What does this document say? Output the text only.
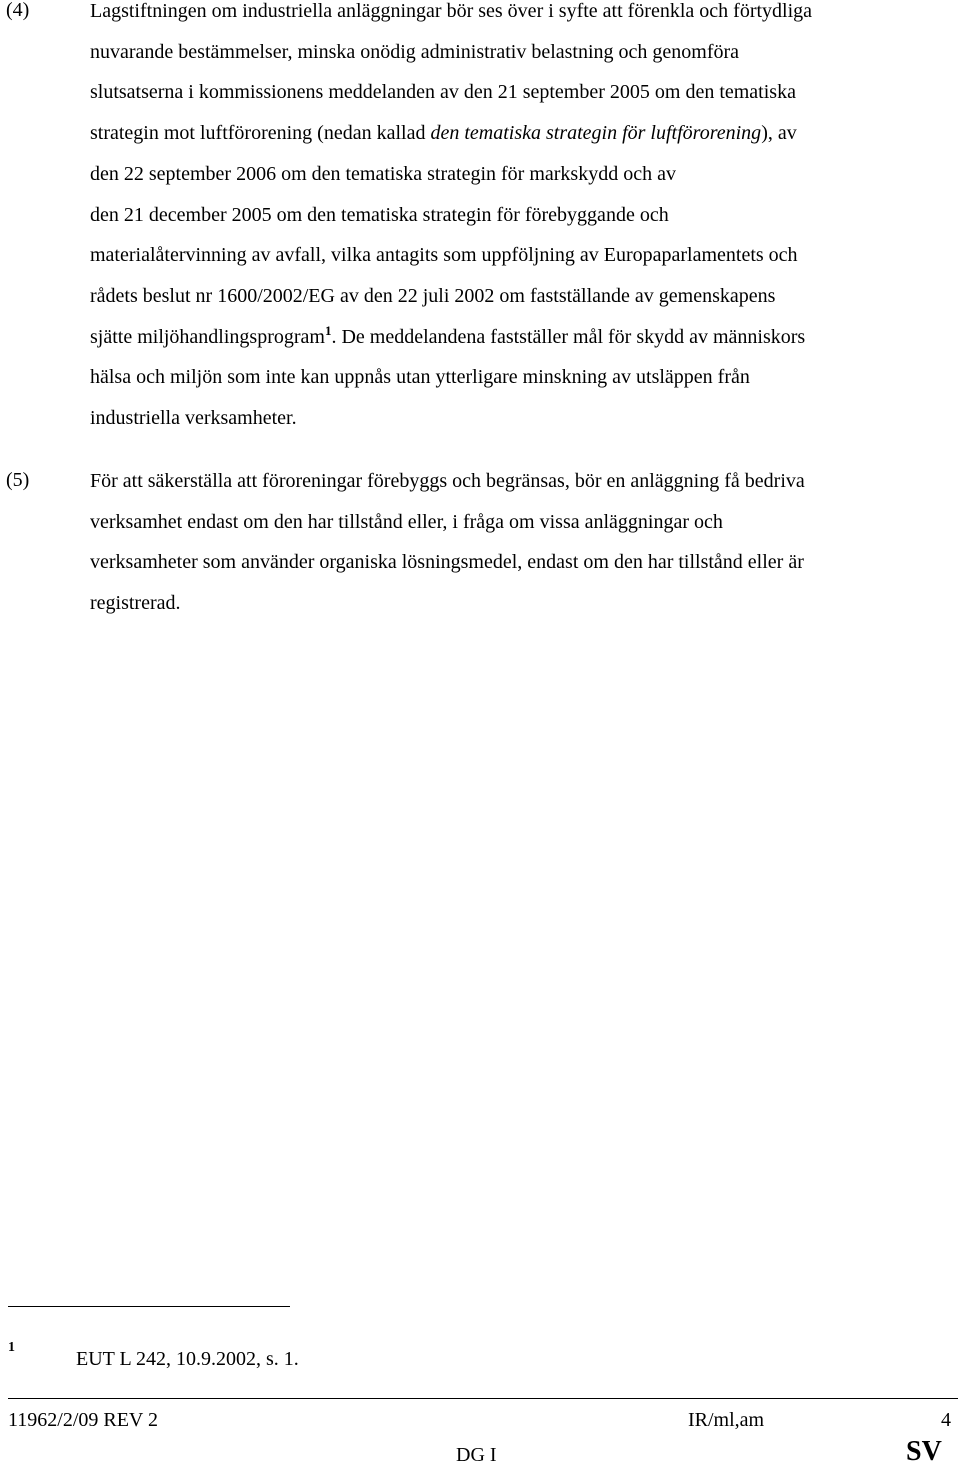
(4)	Lagstiftningen om industriella anläggningar bör ses över i syfte att förenkla och förtydliga
nuvarande bestämmelser, minska onödig administrativ belastning och genomföra
slutsatserna i kommissionens meddelanden av den 21 september 2005 om den tematiska
strategin mot luftförorening (nedan kallad den tematiska strategin för luftförorening), av
den 22 september 2006 om den tematiska strategin för markskydd och av
den 21 december 2005 om den tematiska strategin för förebyggande och
materialåtervinning av avfall, vilka antagits som uppföljning av Europaparlamentets och
rådets beslut nr 1600/2002/EG av den 22 juli 2002 om fastställande av gemenskapens
sjätte miljöhandlingsprogram$^1$. De meddelandena fastställer mål för skydd av människors
hälsa och miljön som inte kan uppnås utan ytterligare minskning av utsläppen från
industriella verksamheter.
(5)	För att säkerställa att föroreningar förebyggs och begränsas, bör en anläggning få bedriva
verksamhet endast om den har tillstånd eller, i fråga om vissa anläggningar och
verksamheter som använder organiska lösningsmedel, endast om den har tillstånd eller är
registrerad.
1
EUT L 242, 10.9.2002, s. 1.
11962/2/09 REV 2	IR/ml,am	4
DG I	SV
